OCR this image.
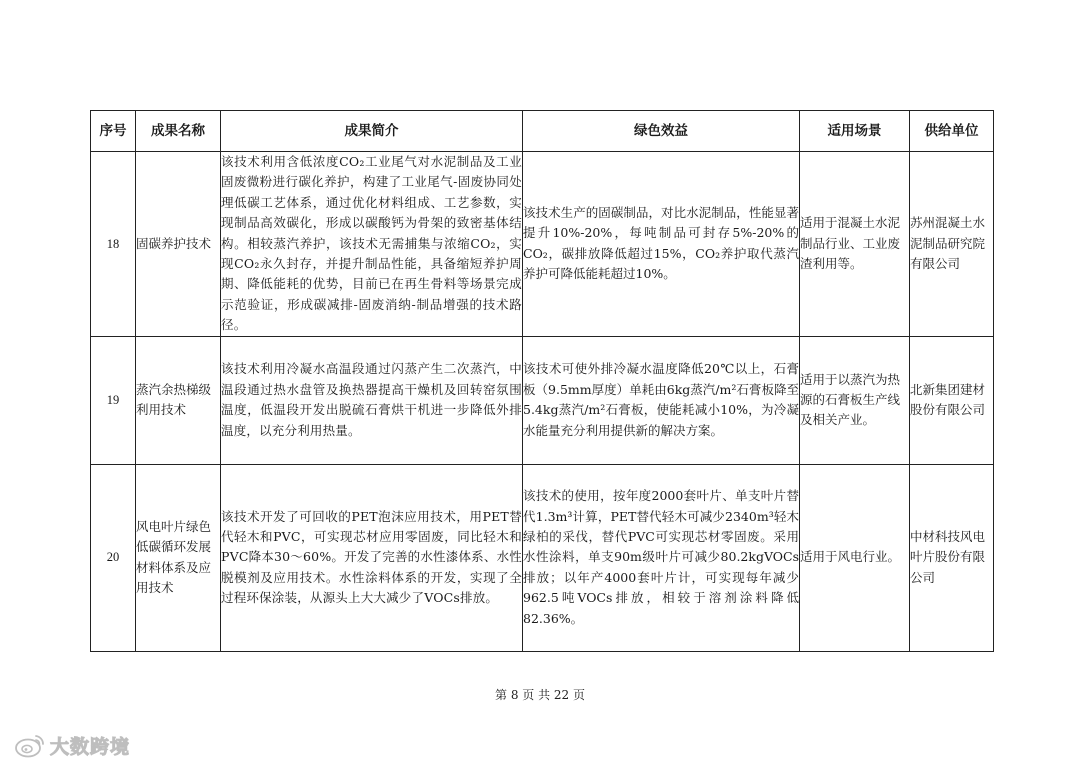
序号	成果名称	成果简介	绿色效益	适用场景	供给单位
18	固碳养护技术	该技术利用含低浓度CO₂工业尾气对水泥制品及工业固废微粉进行碳化养护，构建了工业尾气-固废协同处理低碳工艺体系，通过优化材料组成、工艺参数，实现制品高效碳化，形成以碳酸钙为骨架的致密基体结构。相较蒸汽养护，该技术无需捕集与浓缩CO₂，实现CO₂永久封存，并提升制品性能，具备缩短养护周期、降低能耗的优势，目前已在再生骨料等场景完成示范验证，形成碳减排-固废消纳-制品增强的技术路径。	该技术生产的固碳制品，对比水泥制品，性能显著提升10%-20%，每吨制品可封存5%-20%的CO₂，碳排放降低超过15%，CO₂养护取代蒸汽养护可降低能耗超过10%。	适用于混凝土水泥制品行业、工业废渣利用等。	苏州混凝土水泥制品研究院有限公司
19	蒸汽余热梯级利用技术	该技术利用冷凝水高温段通过闪蒸产生二次蒸汽，中温段通过热水盘管及换热器提高干燥机及回转窑氛围温度，低温段开发出脱硫石膏烘干机进一步降低外排温度，以充分利用热量。	该技术可使外排冷凝水温度降低20℃以上，石膏板（9.5mm厚度）单耗由6kg蒸汽/m²石膏板降至5.4kg蒸汽/m²石膏板，使能耗减小10%，为冷凝水能量充分利用提供新的解决方案。	适用于以蒸汽为热源的石膏板生产线及相关产业。	北新集团建材股份有限公司
20	风电叶片绿色低碳循环发展材料体系及应用技术	该技术开发了可回收的PET泡沫应用技术，用PET替代轻木和PVC，可实现芯材应用零固废，同比轻木和PVC降本30～60%。开发了完善的水性漆体系、水性脱模剂及应用技术。水性涂料体系的开发，实现了全过程环保涂装，从源头上大大减少了VOCs排放。	该技术的使用，按年度2000套叶片、单支叶片替代1.3m³计算，PET替代轻木可减少2340m³轻木绿柏的采伐，替代PVC可实现芯材零固废。采用水性涂料，单支90m级叶片可减少80.2kgVOCs排放；以年产4000套叶片计，可实现每年减少962.5吨VOCs排放，相较于溶剂涂料降低82.36%。	适用于风电行业。	中材科技风电叶片股份有限公司
第 8 页 共 22 页
大数跨境
